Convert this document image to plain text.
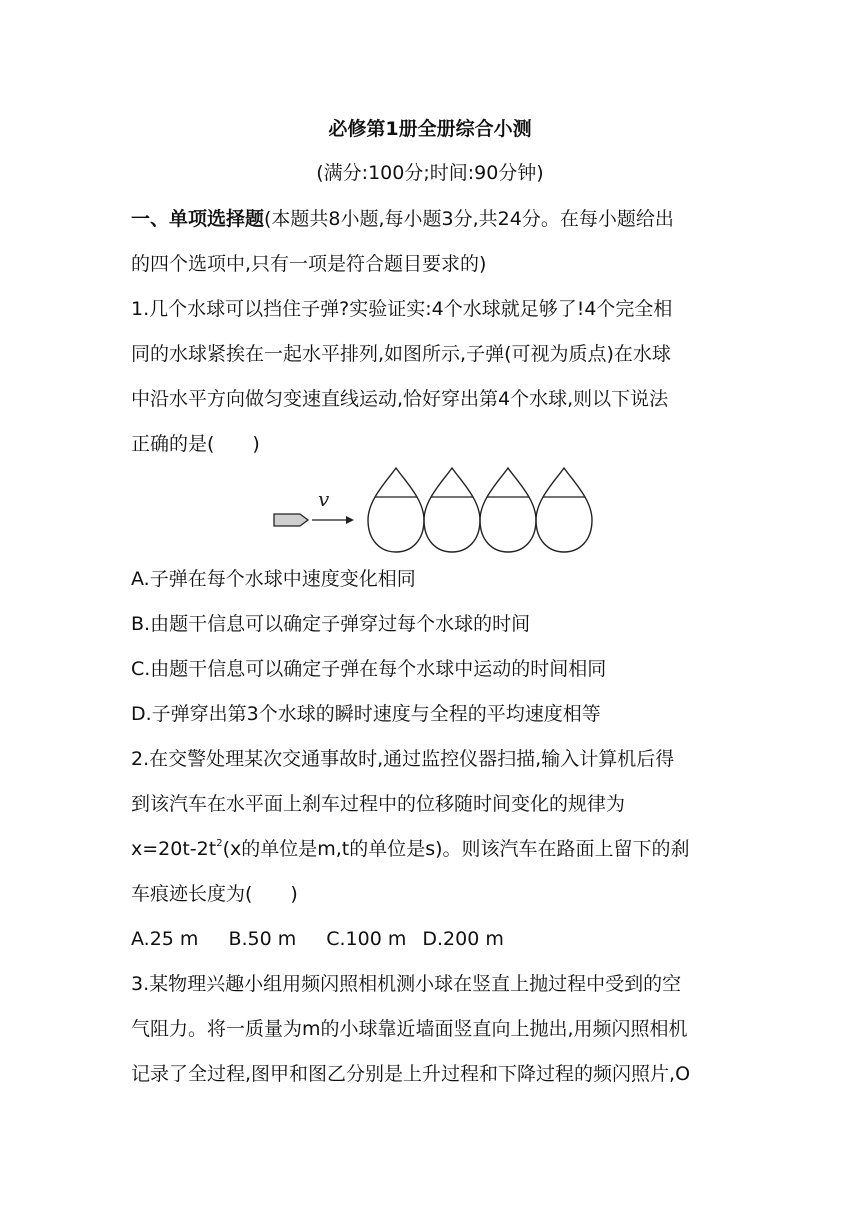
必修第1册全册综合小测
(满分:100分;时间:90分钟)
一、单项选择题(本题共8小题,每小题3分,共24分。在每小题给出
的四个选项中,只有一项是符合题目要求的)
1.几个水球可以挡住子弹?实验证实:4个水球就足够了!4个完全相
同的水球紧挨在一起水平排列,如图所示,子弹(可视为质点)在水球
中沿水平方向做匀变速直线运动,恰好穿出第4个水球,则以下说法
正确的是(　　)
v
A.子弹在每个水球中速度变化相同
B.由题干信息可以确定子弹穿过每个水球的时间
C.由题干信息可以确定子弹在每个水球中运动的时间相同
D.子弹穿出第3个水球的瞬时速度与全程的平均速度相等
2.在交警处理某次交通事故时,通过监控仪器扫描,输入计算机后得
到该汽车在水平面上刹车过程中的位移随时间变化的规律为
$x=20t-2t^2(x$的单位是m,t的单位是s)。则该汽车在路面上留下的刹
车痕迹长度为(　　)
A.25 m B.50 m C.100 m D.200 m
3.某物理兴趣小组用频闪照相机测小球在竖直上抛过程中受到的空
气阻力。将一质量为m的小球靠近墙面竖直向上抛出,用频闪照相机
记录了全过程,图甲和图乙分别是上升过程和下降过程的频闪照片,O
